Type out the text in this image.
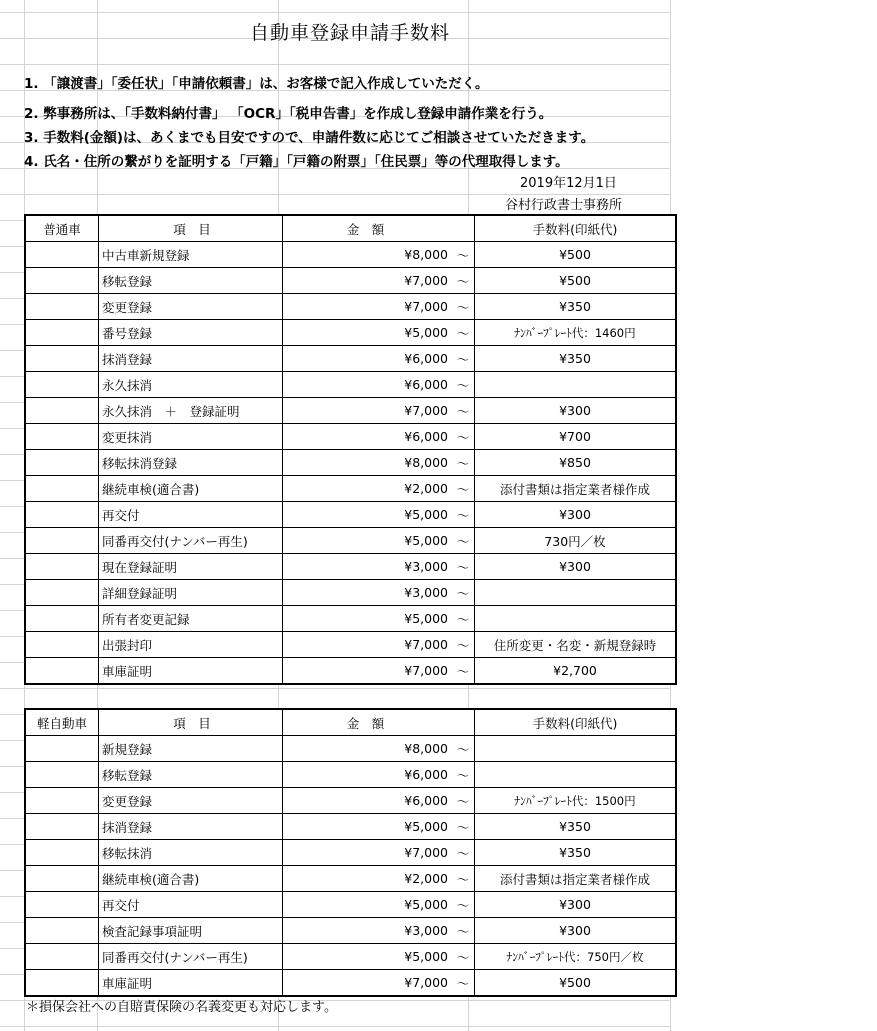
自動車登録申請手数料
1. 「譲渡書」「委任状」「申請依頼書」は、お客様で記入作成していただく。
2. 弊事務所は、「手数料納付書」 「OCR」「税申告書」を作成し登録申請作業を行う。
3. 手数料(金額)は、あくまでも目安ですので、申請件数に応じてご相談させていただきます。
4. 氏名・住所の繋がりを証明する「戸籍」「戸籍の附票」「住民票」等の代理取得します。
2019年12月1日
谷村行政書士事務所
普通車	項　目	金　額		手数料(印紙代)
	中古車新規登録	¥8,000	～	¥500
	移転登録	¥7,000	～	¥500
	変更登録	¥7,000	～	¥350
	番号登録	¥5,000	～	ﾅﾝﾊﾞｰﾌﾟﾚｰﾄ代：1460円
	抹消登録	¥6,000	～	¥350
	永久抹消	¥6,000	～	
	永久抹消　＋　登録証明	¥7,000	～	¥300
	変更抹消	¥6,000	～	¥700
	移転抹消登録	¥8,000	～	¥850
	継続車検(適合書)	¥2,000	～	添付書類は指定業者様作成
	再交付	¥5,000	～	¥300
	同番再交付(ナンバー再生)	¥5,000	～	730円／枚
	現在登録証明	¥3,000	～	¥300
	詳細登録証明	¥3,000	～	
	所有者変更記録	¥5,000	～	
	出張封印	¥7,000	～	住所変更・名変・新規登録時
	車庫証明	¥7,000	～	¥2,700
軽自動車	項　目	金　額		手数料(印紙代)
	新規登録	¥8,000	～	
	移転登録	¥6,000	～	
	変更登録	¥6,000	～	ﾅﾝﾊﾞｰﾌﾟﾚｰﾄ代：1500円
	抹消登録	¥5,000	～	¥350
	移転抹消	¥7,000	～	¥350
	継続車検(適合書)	¥2,000	～	添付書類は指定業者様作成
	再交付	¥5,000	～	¥300
	検査記録事項証明	¥3,000	～	¥300
	同番再交付(ナンバー再生)	¥5,000	～	ﾅﾝﾊﾞｰﾌﾟﾚｰﾄ代：750円／枚
	車庫証明	¥7,000	～	¥500
＊損保会社への自賠責保険の名義変更も対応します。
